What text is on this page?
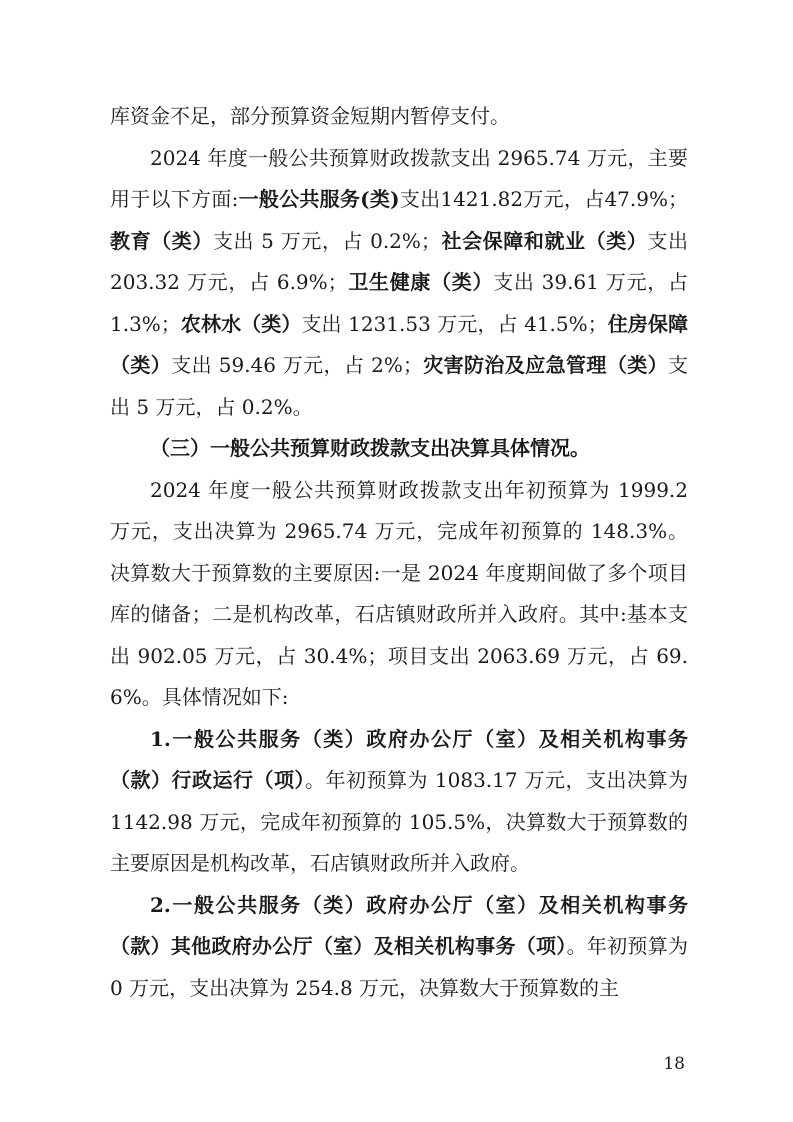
库资金不足，部分预算资金短期内暂停支付。

2024 年度一般公共预算财政拨款支出 2965.74 万元，主要用于以下方面:一般公共服务(类)支出1421.82万元，占47.9%；教育（类）支出 5 万元，占 0.2%；社会保障和就业（类）支出 203.32 万元，占 6.9%；卫生健康（类）支出 39.61 万元，占 1.3%；农林水（类）支出 1231.53 万元，占 41.5%；住房保障（类）支出 59.46 万元，占 2%；灾害防治及应急管理（类）支出 5 万元，占 0.2%。

（三）一般公共预算财政拨款支出决算具体情况。

2024 年度一般公共预算财政拨款支出年初预算为 1999.2 万元，支出决算为 2965.74 万元，完成年初预算的 148.3%。决算数大于预算数的主要原因:一是 2024 年度期间做了多个项目库的储备；二是机构改革，石店镇财政所并入政府。其中:基本支出 902.05 万元，占 30.4%；项目支出 2063.69 万元，占 69.6%。具体情况如下:

1.一般公共服务（类）政府办公厅（室）及相关机构事务（款）行政运行（项）。年初预算为 1083.17 万元，支出决算为 1142.98 万元，完成年初预算的 105.5%，决算数大于预算数的主要原因是机构改革，石店镇财政所并入政府。

2.一般公共服务（类）政府办公厅（室）及相关机构事务（款）其他政府办公厅（室）及相关机构事务（项）。年初预算为 0 万元，支出决算为 254.8 万元，决算数大于预算数的主

18
